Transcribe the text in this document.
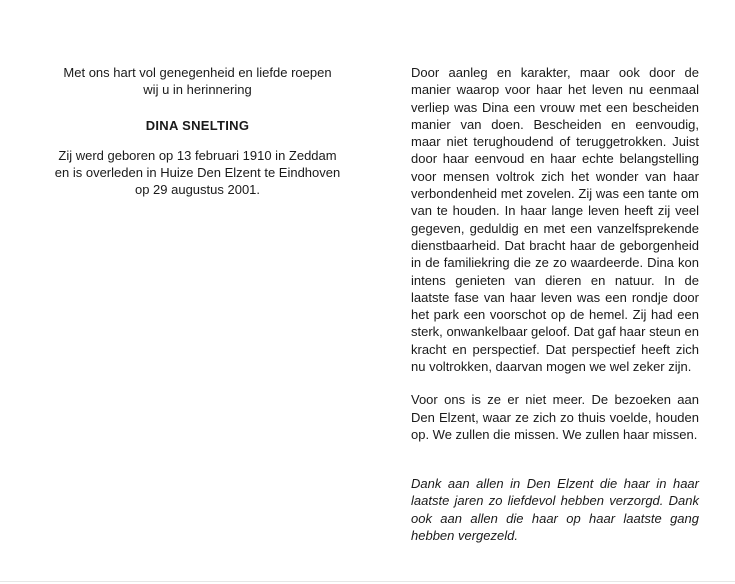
Met ons hart vol genegenheid en liefde roepen
wij u in herinnering

DINA SNELTING

Zij werd geboren op 13 februari 1910 in Zeddam
en is overleden in Huize Den Elzent te Eindhoven
op 29 augustus 2001.

Door aanleg en karakter, maar ook door de manier waarop voor haar het leven nu eenmaal verliep was Dina een vrouw met een bescheiden manier van doen. Bescheiden en eenvoudig, maar niet terughoudend of teruggetrokken. Juist door haar eenvoud en haar echte belangstelling voor mensen voltrok zich het wonder van haar verbondenheid met zovelen. Zij was een tante om van te houden. In haar lange leven heeft zij veel gegeven, geduldig en met een vanzelfsprekende dienstbaarheid. Dat bracht haar de geborgenheid in de familiekring die ze zo waardeerde. Dina kon intens genieten van dieren en natuur. In de laatste fase van haar leven was een rondje door het park een voorschot op de hemel. Zij had een sterk, onwankelbaar geloof. Dat gaf haar steun en kracht en perspectief. Dat perspectief heeft zich nu voltrokken, daarvan mogen we wel zeker zijn.

Voor ons is ze er niet meer. De bezoeken aan Den Elzent, waar ze zich zo thuis voelde, houden op. We zullen die missen. We zullen haar missen.

Dank aan allen in Den Elzent die haar in haar laatste jaren zo liefdevol hebben verzorgd. Dank ook aan allen die haar op haar laatste gang hebben vergezeld.
